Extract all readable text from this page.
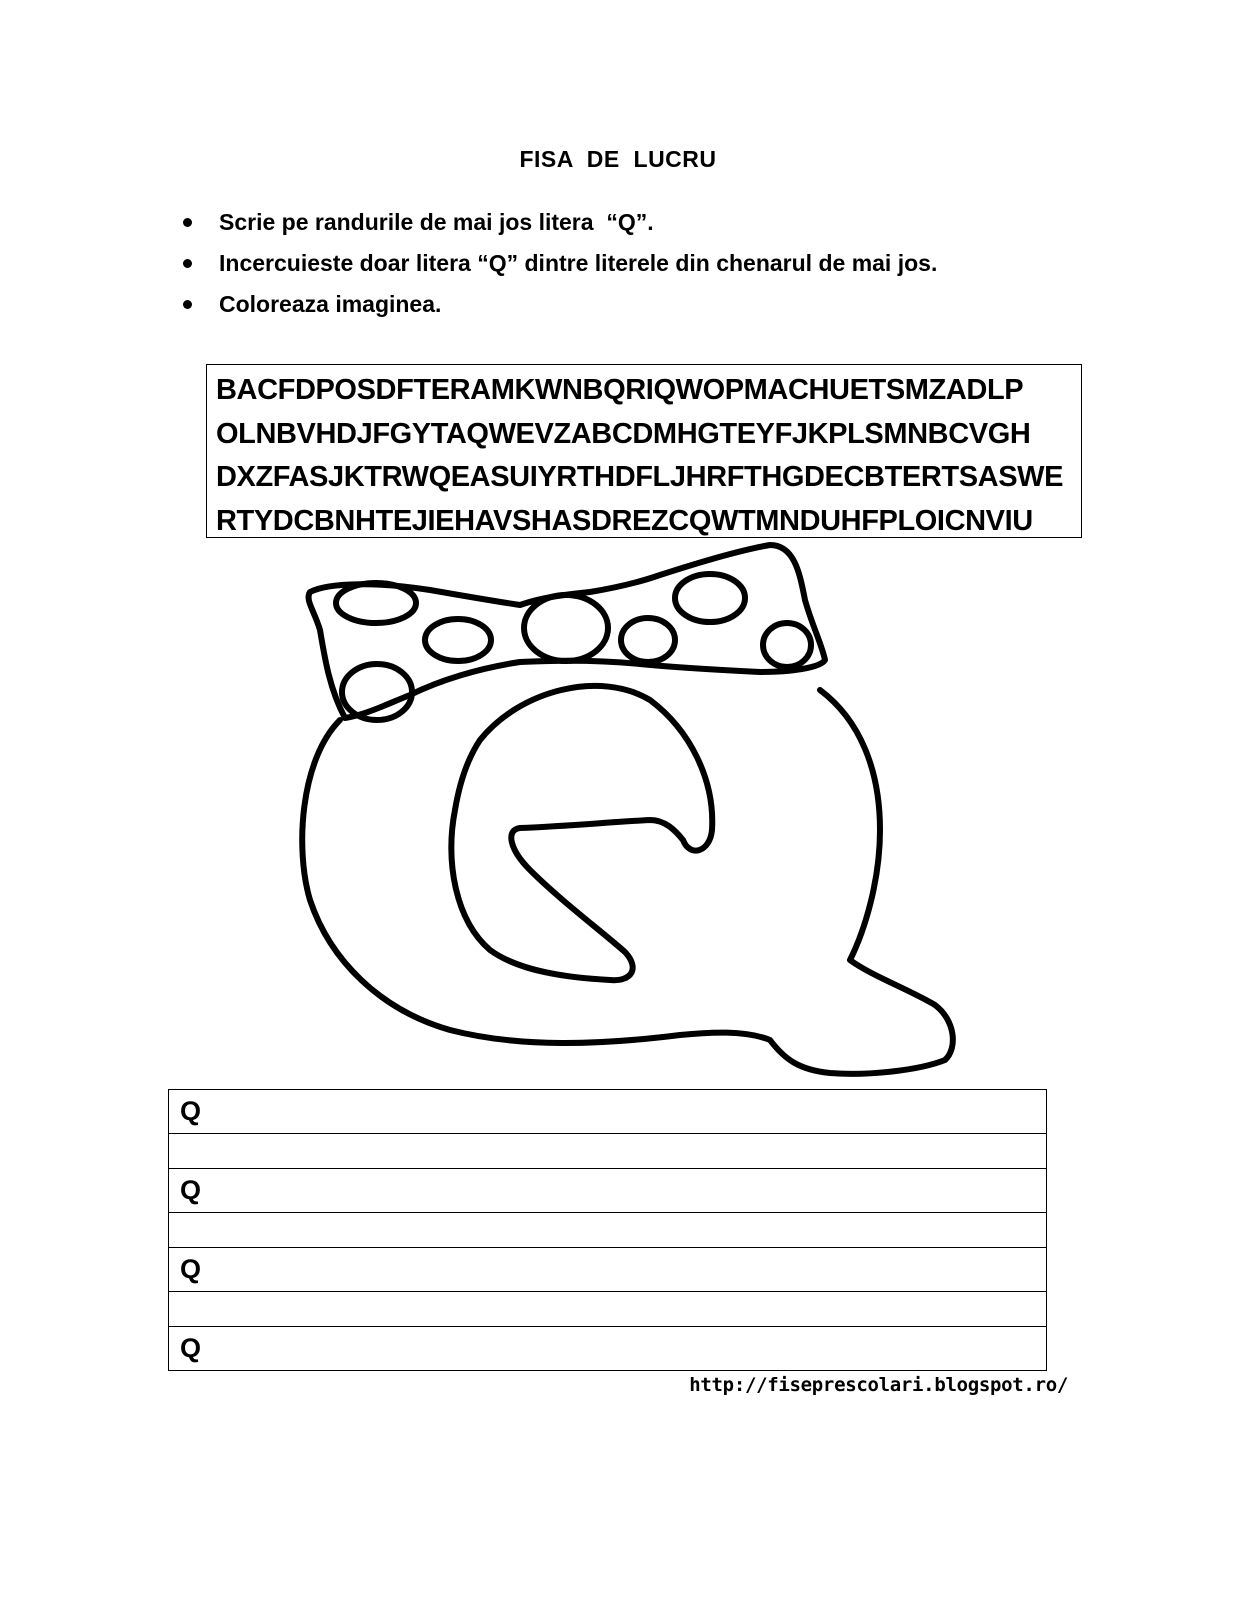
FISA  DE  LUCRU
Scrie pe randurile de mai jos litera  “Q”.
Incercuieste doar litera “Q” dintre literele din chenarul de mai jos.
Coloreaza imaginea.
BACFDPOSDFTERAMKWNBQRIQWOPMACHUETSMZADLP
OLNBVHDJFGYTAQWEVZABCDMHGTEYFJKPLSMNBCVGH
DXZFASJKTRWQEASUIYRTHDFLJHRFTHGDECBTERTSASWE
RTYDCBNHTEJIEHAVSHASDREZCQWTMNDUHFPLOICNVIU
Q

Q

Q

Q
http://fiseprescolari.blogspot.ro/
